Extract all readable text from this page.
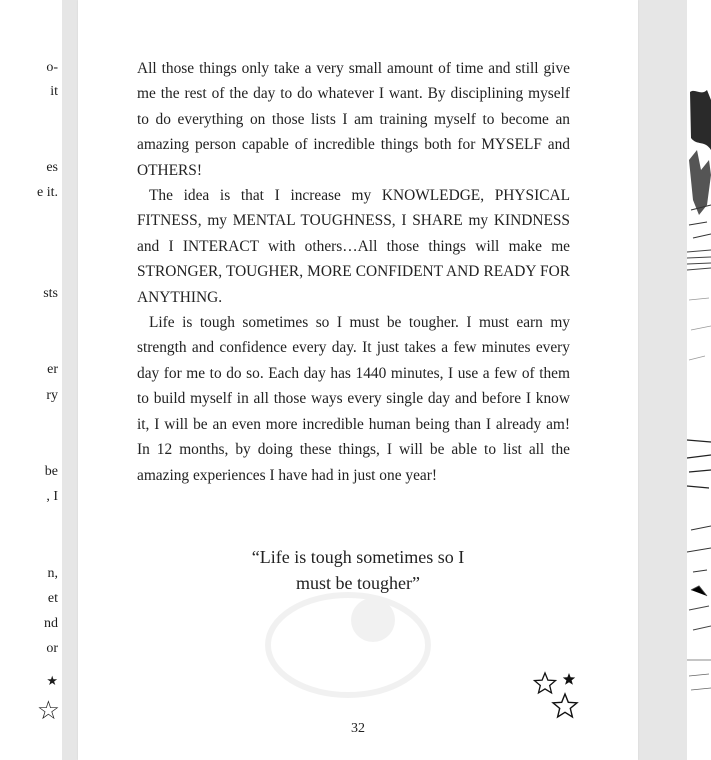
o-
it
es
e it.
sts
er
ry
be
, I
n,
et
nd
or
★
☆

All those things only take a very small amount of time and still give me the rest of the day to do whatever I want. By disciplining myself to do everything on those lists I am training myself to become an amazing person capable of incredible things both for MYSELF and OTHERS!

The idea is that I increase my KNOWLEDGE, PHYSICAL FITNESS, my MENTAL TOUGHNESS, I SHARE my KINDNESS and I INTERACT with others…All those things will make me STRONGER, TOUGHER, MORE CONFIDENT AND READY FOR ANYTHING.

Life is tough sometimes so I must be tougher. I must earn my strength and confidence every day. It just takes a few minutes every day for me to do so. Each day has 1440 minutes, I use a few of them to build myself in all those ways every single day and before I know it, I will be an even more incredible human being than I already am! In 12 months, by doing these things, I will be able to list all the amazing experiences I have had in just one year!

“Life is tough sometimes so I
must be tougher”
32
